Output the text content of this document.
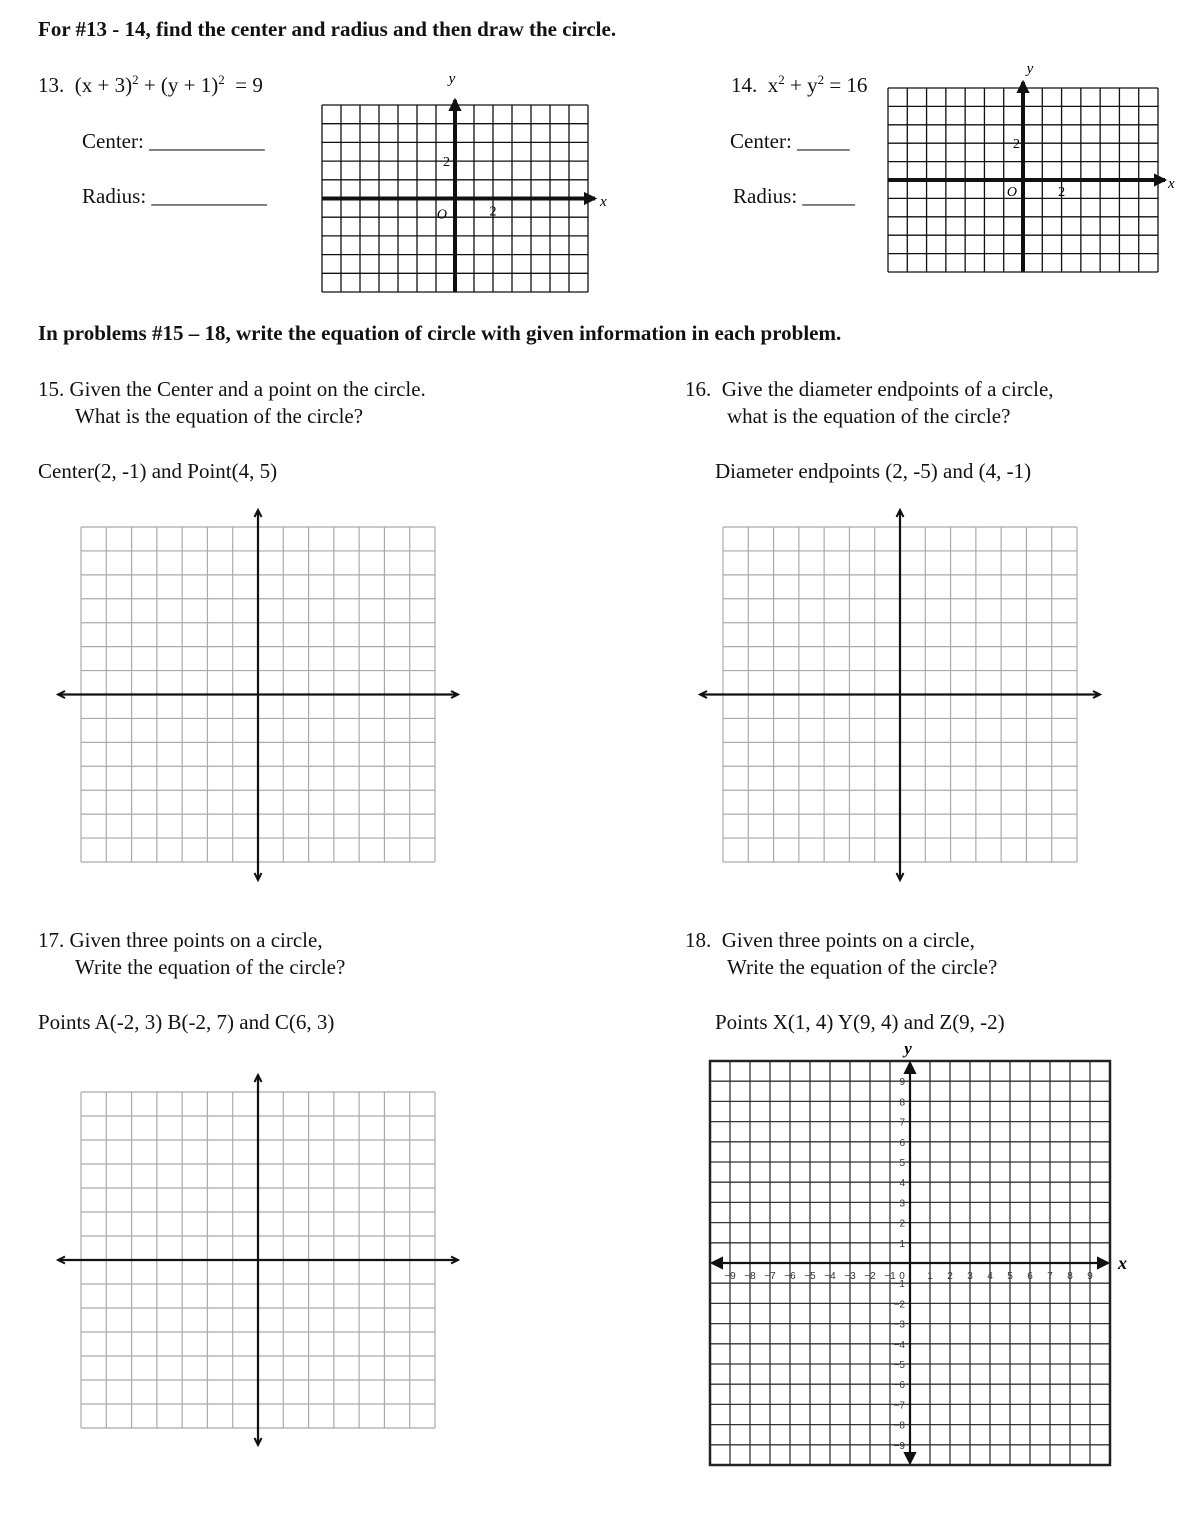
For #13 - 14, find the center and radius and then draw the circle.
13. $(x + 3)^2 + (y + 1)^2 = 9$
Center: ___________
Radius: ___________
14. $x^2 + y^2 = 16$
Center: _____
Radius: _____
In problems #15 – 18, write the equation of circle with given information in each problem.
15. Given the Center and a point on the circle.
What is the equation of the circle?
Center(2, -1) and Point(4, 5)
16. Give the diameter endpoints of a circle,
what is the equation of the circle?
Diameter endpoints (2, -5) and (4, -1)
17. Given three points on a circle,
Write the equation of the circle?
Points A(-2, 3) B(-2, 7) and C(6, 3)
18. Given three points on a circle,
Write the equation of the circle?
Points X(1, 4) Y(9, 4) and Z(9, -2)
y
x
O	2
2
y
x
O	2
2
y
x
−9 −8 −7 −6 −5 −4 −3 −2 −1 0 1 2 3 4 5 6 7 8 9
9
8
7
6
5
4
3
2
1
−1
−2
−3
−4
−5
−6
−7
−8
−9
